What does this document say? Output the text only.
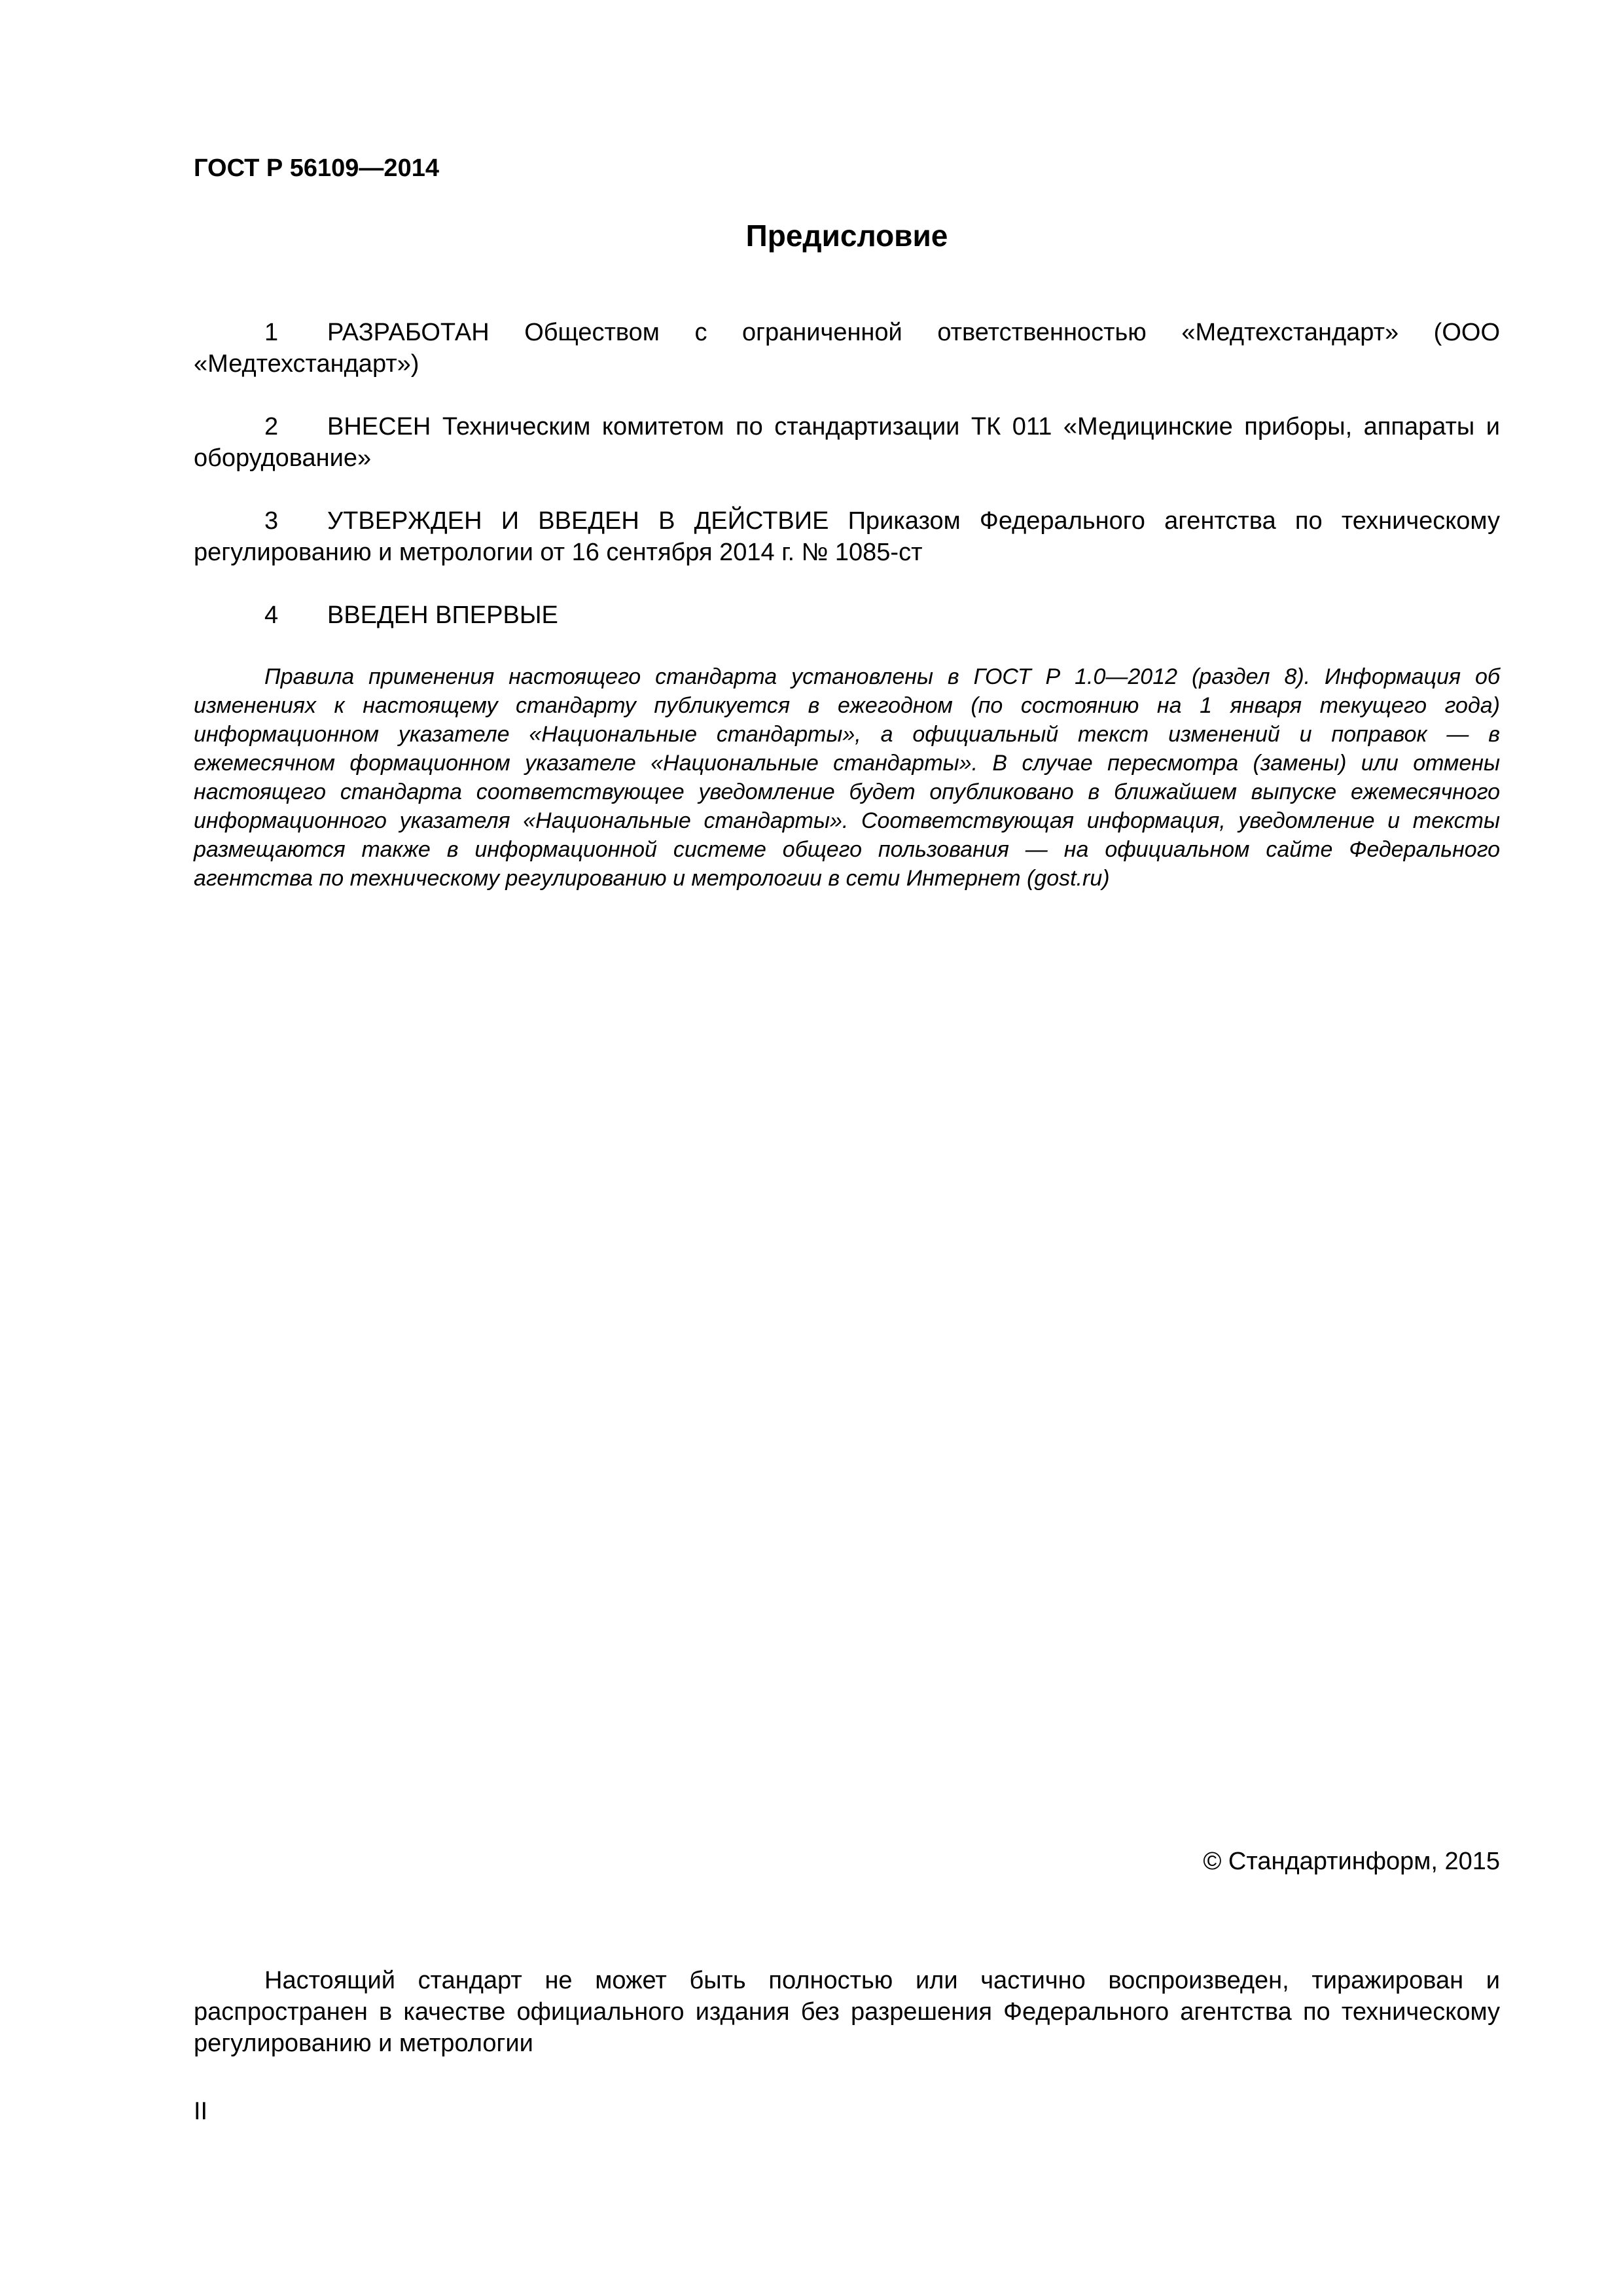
ГОСТ Р 56109—2014
Предисловие
1 РАЗРАБОТАН Обществом с ограниченной ответственностью «Медтехстандарт» (ООО «Медтехстандарт»)
2 ВНЕСЕН Техническим комитетом по стандартизации ТК 011 «Медицинские приборы, аппараты и оборудование»
3 УТВЕРЖДЕН И ВВЕДЕН В ДЕЙСТВИЕ Приказом Федерального агентства по техническому регулированию и метрологии от 16 сентября 2014 г. № 1085-ст
4 ВВЕДЕН ВПЕРВЫЕ
Правила применения настоящего стандарта установлены в ГОСТ Р 1.0—2012 (раздел 8). Информация об изменениях к настоящему стандарту публикуется в ежегодном (по состоянию на 1 января текущего года) информационном указателе «Национальные стандарты», а официальный текст изменений и поправок — в ежемесячном формационном указателе «Национальные стандарты». В случае пересмотра (замены) или отмены настоящего стандарта соответствующее уведомление будет опубликовано в ближайшем выпуске ежемесячного информационного указателя «Национальные стандарты». Соответствующая информация, уведомление и тексты размещаются также в информационной системе общего пользования — на официальном сайте Федерального агентства по техническому регулированию и метрологии в сети Интернет (gost.ru)
© Стандартинформ, 2015
Настоящий стандарт не может быть полностью или частично воспроизведен, тиражирован и распространен в качестве официального издания без разрешения Федерального агентства по техническому регулированию и метрологии
II
